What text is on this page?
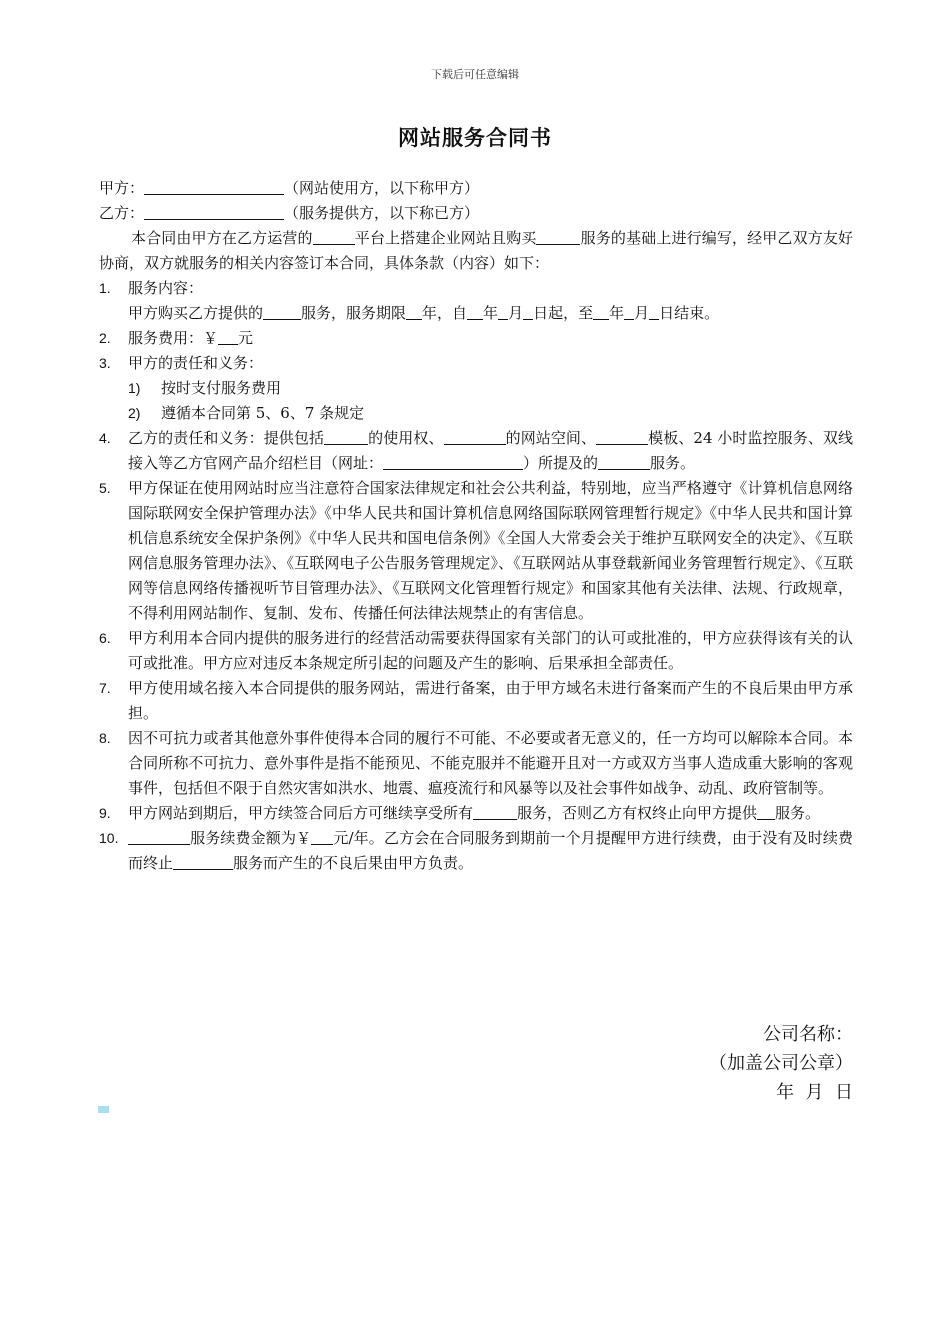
下载后可任意编辑
网站服务合同书
甲方：	（网站使用方，以下称甲方）
乙方：	（服务提供方，以下称已方）
本合同由甲方在乙方运营的	平台上搭建企业网站且购买	服务的基础上进行编写，经甲乙双方友好协商，双方就服务的相关内容签订本合同，具体条款（内容）如下：
1. 服务内容：
甲方购买乙方提供的	服务，服务期限 年，自 年 月 日起，至 年 月 日结束。
2. 服务费用：￥ 元
3. 甲方的责任和义务：
1) 按时支付服务费用
2) 遵循本合同第 5、6、7 条规定
4. 乙方的责任和义务：提供包括	的使用权、	的网站空间、	模板、24 小时监控服务、双线接入等乙方官网产品介绍栏目（网址：	）所提及的	服务。
5. 甲方保证在使用网站时应当注意符合国家法律规定和社会公共利益，特别地，应当严格遵守《计算机信息网络国际联网安全保护管理办法》《中华人民共和国计算机信息网络国际联网管理暂行规定》《中华人民共和国计算机信息系统安全保护条例》《中华人民共和国电信条例》《全国人大常委会关于维护互联网安全的决定》、《互联网信息服务管理办法》、《互联网电子公告服务管理规定》、《互联网站从事登载新闻业务管理暂行规定》、《互联网等信息网络传播视听节目管理办法》、《互联网文化管理暂行规定》和国家其他有关法律、法规、行政规章，不得利用网站制作、复制、发布、传播任何法律法规禁止的有害信息。
6. 甲方利用本合同内提供的服务进行的经营活动需要获得国家有关部门的认可或批准的，甲方应获得该有关的认可或批准。甲方应对违反本条规定所引起的问题及产生的影响、后果承担全部责任。
7. 甲方使用域名接入本合同提供的服务网站，需进行备案，由于甲方域名未进行备案而产生的不良后果由甲方承担。
8. 因不可抗力或者其他意外事件使得本合同的履行不可能、不必要或者无意义的，任一方均可以解除本合同。本合同所称不可抗力、意外事件是指不能预见、不能克服并不能避开且对一方或双方当事人造成重大影响的客观事件，包括但不限于自然灾害如洪水、地震、瘟疫流行和风暴等以及社会事件如战争、动乱、政府管制等。
9. 甲方网站到期后，甲方续签合同后方可继续享受所有	服务，否则乙方有权终止向甲方提供 服务。
10.	服务续费金额为￥ 元/年。乙方会在合同服务到期前一个月提醒甲方进行续费，由于没有及时续费而终止	服务而产生的不良后果由甲方负责。
公司名称：
（加盖公司公章）
年  月  日
